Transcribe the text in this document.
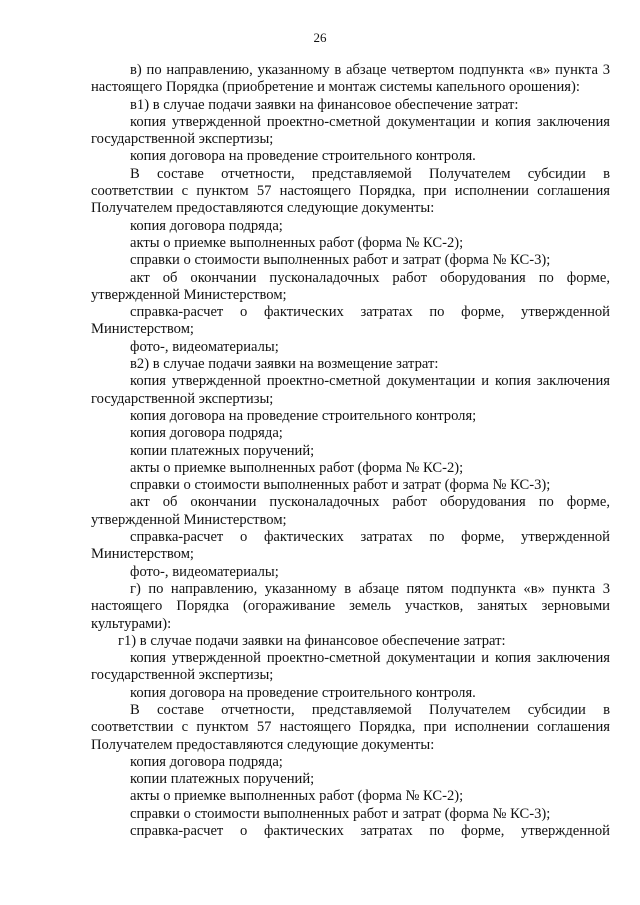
26

в) по направлению, указанному в абзаце четвертом подпункта «в» пункта 3 настоящего Порядка (приобретение и монтаж системы капельного орошения):

в1) в случае подачи заявки на финансовое обеспечение затрат:

копия утвержденной проектно-сметной документации и копия заключения государственной экспертизы;

копия договора на проведение строительного контроля.

В составе отчетности, представляемой Получателем субсидии в соответствии с пунктом 57 настоящего Порядка, при исполнении соглашения Получателем предоставляются следующие документы:

копия договора подряда;

акты о приемке выполненных работ (форма № КС-2);

справки о стоимости выполненных работ и затрат (форма № КС-3);

акт об окончании пусконаладочных работ оборудования по форме, утвержденной Министерством;

справка-расчет о фактических затратах по форме, утвержденной Министерством;

фото-, видеоматериалы;

в2) в случае подачи заявки на возмещение затрат:

копия утвержденной проектно-сметной документации и копия заключения государственной экспертизы;

копия договора на проведение строительного контроля;

копия договора подряда;

копии платежных поручений;

акты о приемке выполненных работ (форма № КС-2);

справки о стоимости выполненных работ и затрат (форма № КС-3);

акт об окончании пусконаладочных работ оборудования по форме, утвержденной Министерством;

справка-расчет о фактических затратах по форме, утвержденной Министерством;

фото-, видеоматериалы;

г) по направлению, указанному в абзаце пятом подпункта «в» пункта 3 настоящего Порядка (огораживание земель участков, занятых зерновыми культурами):

г1) в случае подачи заявки на финансовое обеспечение затрат:

копия утвержденной проектно-сметной документации и копия заключения государственной экспертизы;

копия договора на проведение строительного контроля.

В составе отчетности, представляемой Получателем субсидии в соответствии с пунктом 57 настоящего Порядка, при исполнении соглашения Получателем предоставляются следующие документы:

копия договора подряда;

копии платежных поручений;

акты о приемке выполненных работ (форма № КС-2);

справки о стоимости выполненных работ и затрат (форма № КС-3);

справка-расчет о фактических затратах по форме, утвержденной
